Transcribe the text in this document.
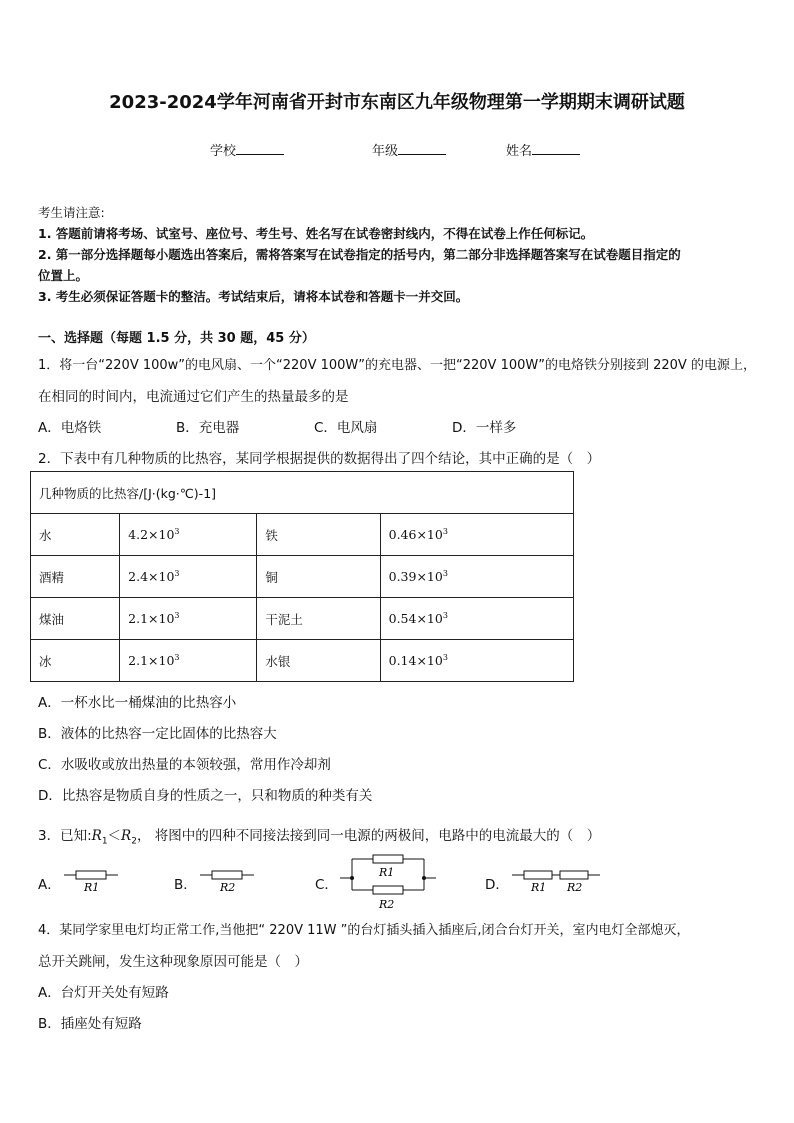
2023-2024学年河南省开封市东南区九年级物理第一学期期末调研试题
学校	年级	姓名
考生请注意:
1. 答题前请将考场、试室号、座位号、考生号、姓名写在试卷密封线内，不得在试卷上作任何标记。
2. 第一部分选择题每小题选出答案后，需将答案写在试卷指定的括号内，第二部分非选择题答案写在试卷题目指定的
位置上。
3. 考生必须保证答题卡的整洁。考试结束后，请将本试卷和答题卡一并交回。
一、选择题（每题 1.5 分，共 30 题，45 分）
1．将一台“220V 100w”的电风扇、一个“220V 100W”的充电器、一把“220V 100W”的电烙铁分别接到 220V 的电源上，
在相同的时间内，电流通过它们产生的热量最多的是
A．电烙铁	B．充电器	C．电风扇	D．一样多
2．下表中有几种物质的比热容，某同学根据提供的数据得出了四个结论，其中正确的是（　）
几种物质的比热容/[J·(kg·℃)-1]			
水	$4.2\times 10^3$	铁	$0.46\times 10^3$
酒精	$2.4\times 10^3$	铜	$0.39\times 10^3$
煤油	$2.1\times 10^3$	干泥土	$0.54\times 10^3$
冰	$2.1\times 10^3$	水银	$0.14\times 10^3$
A．一杯水比一桶煤油的比热容小
B．液体的比热容一定比固体的比热容大
C．水吸收或放出热量的本领较强，常用作冷却剂
D．比热容是物质自身的性质之一，只和物质的种类有关
3．已知$:R_1<R_2$， 将图中的四种不同接法接到同一电源的两极间，电路中的电流最大的（　）
A．	B．	C．	D．
R1	R2
R1
R2
R1 R2
4．某同学家里电灯均正常工作,当他把“ 220V 11W ”的台灯插头插入插座后,闭合台灯开关，室内电灯全部熄灭，
总开关跳闸，发生这种现象原因可能是（　）
A．台灯开关处有短路
B．插座处有短路
